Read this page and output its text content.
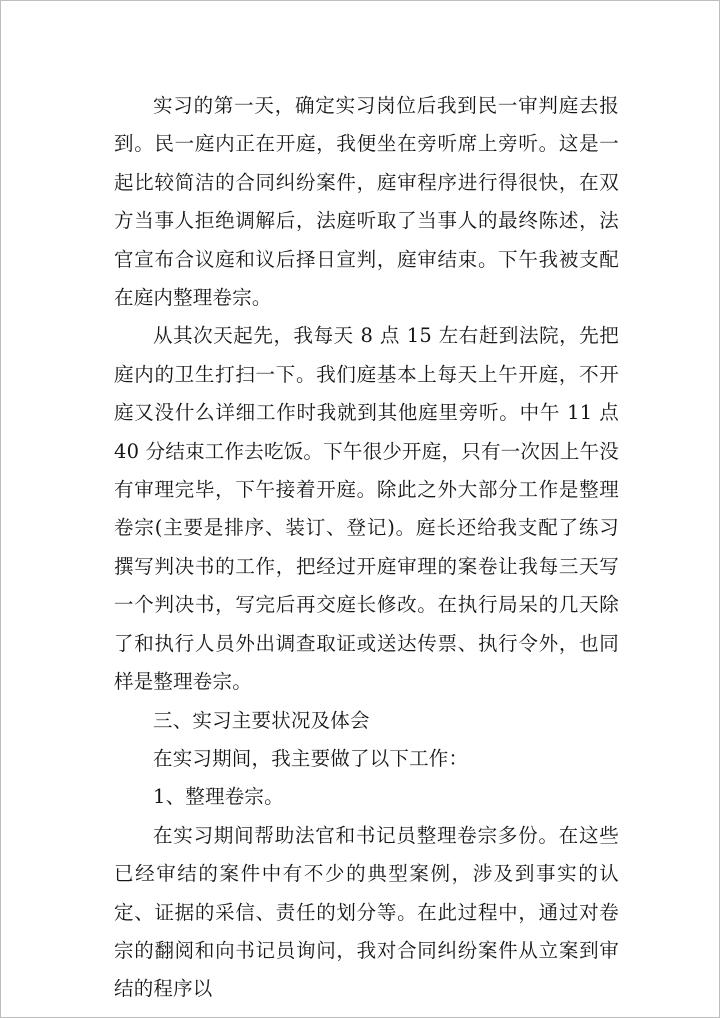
实习的第一天，确定实习岗位后我到民一审判庭去报到。民一庭内正在开庭，我便坐在旁听席上旁听。这是一起比较简洁的合同纠纷案件，庭审程序进行得很快，在双方当事人拒绝调解后，法庭听取了当事人的最终陈述，法官宣布合议庭和议后择日宣判，庭审结束。下午我被支配在庭内整理卷宗。

从其次天起先，我每天 8 点 15 左右赶到法院，先把庭内的卫生打扫一下。我们庭基本上每天上午开庭，不开庭又没什么详细工作时我就到其他庭里旁听。中午 11 点 40 分结束工作去吃饭。下午很少开庭，只有一次因上午没有审理完毕，下午接着开庭。除此之外大部分工作是整理卷宗(主要是排序、装订、登记)。庭长还给我支配了练习撰写判决书的工作，把经过开庭审理的案卷让我每三天写一个判决书，写完后再交庭长修改。在执行局呆的几天除了和执行人员外出调查取证或送达传票、执行令外，也同样是整理卷宗。

三、实习主要状况及体会

在实习期间，我主要做了以下工作：

1、整理卷宗。

在实习期间帮助法官和书记员整理卷宗多份。在这些已经审结的案件中有不少的典型案例，涉及到事实的认定、证据的采信、责任的划分等。在此过程中，通过对卷宗的翻阅和向书记员询问，我对合同纠纷案件从立案到审结的程序以
